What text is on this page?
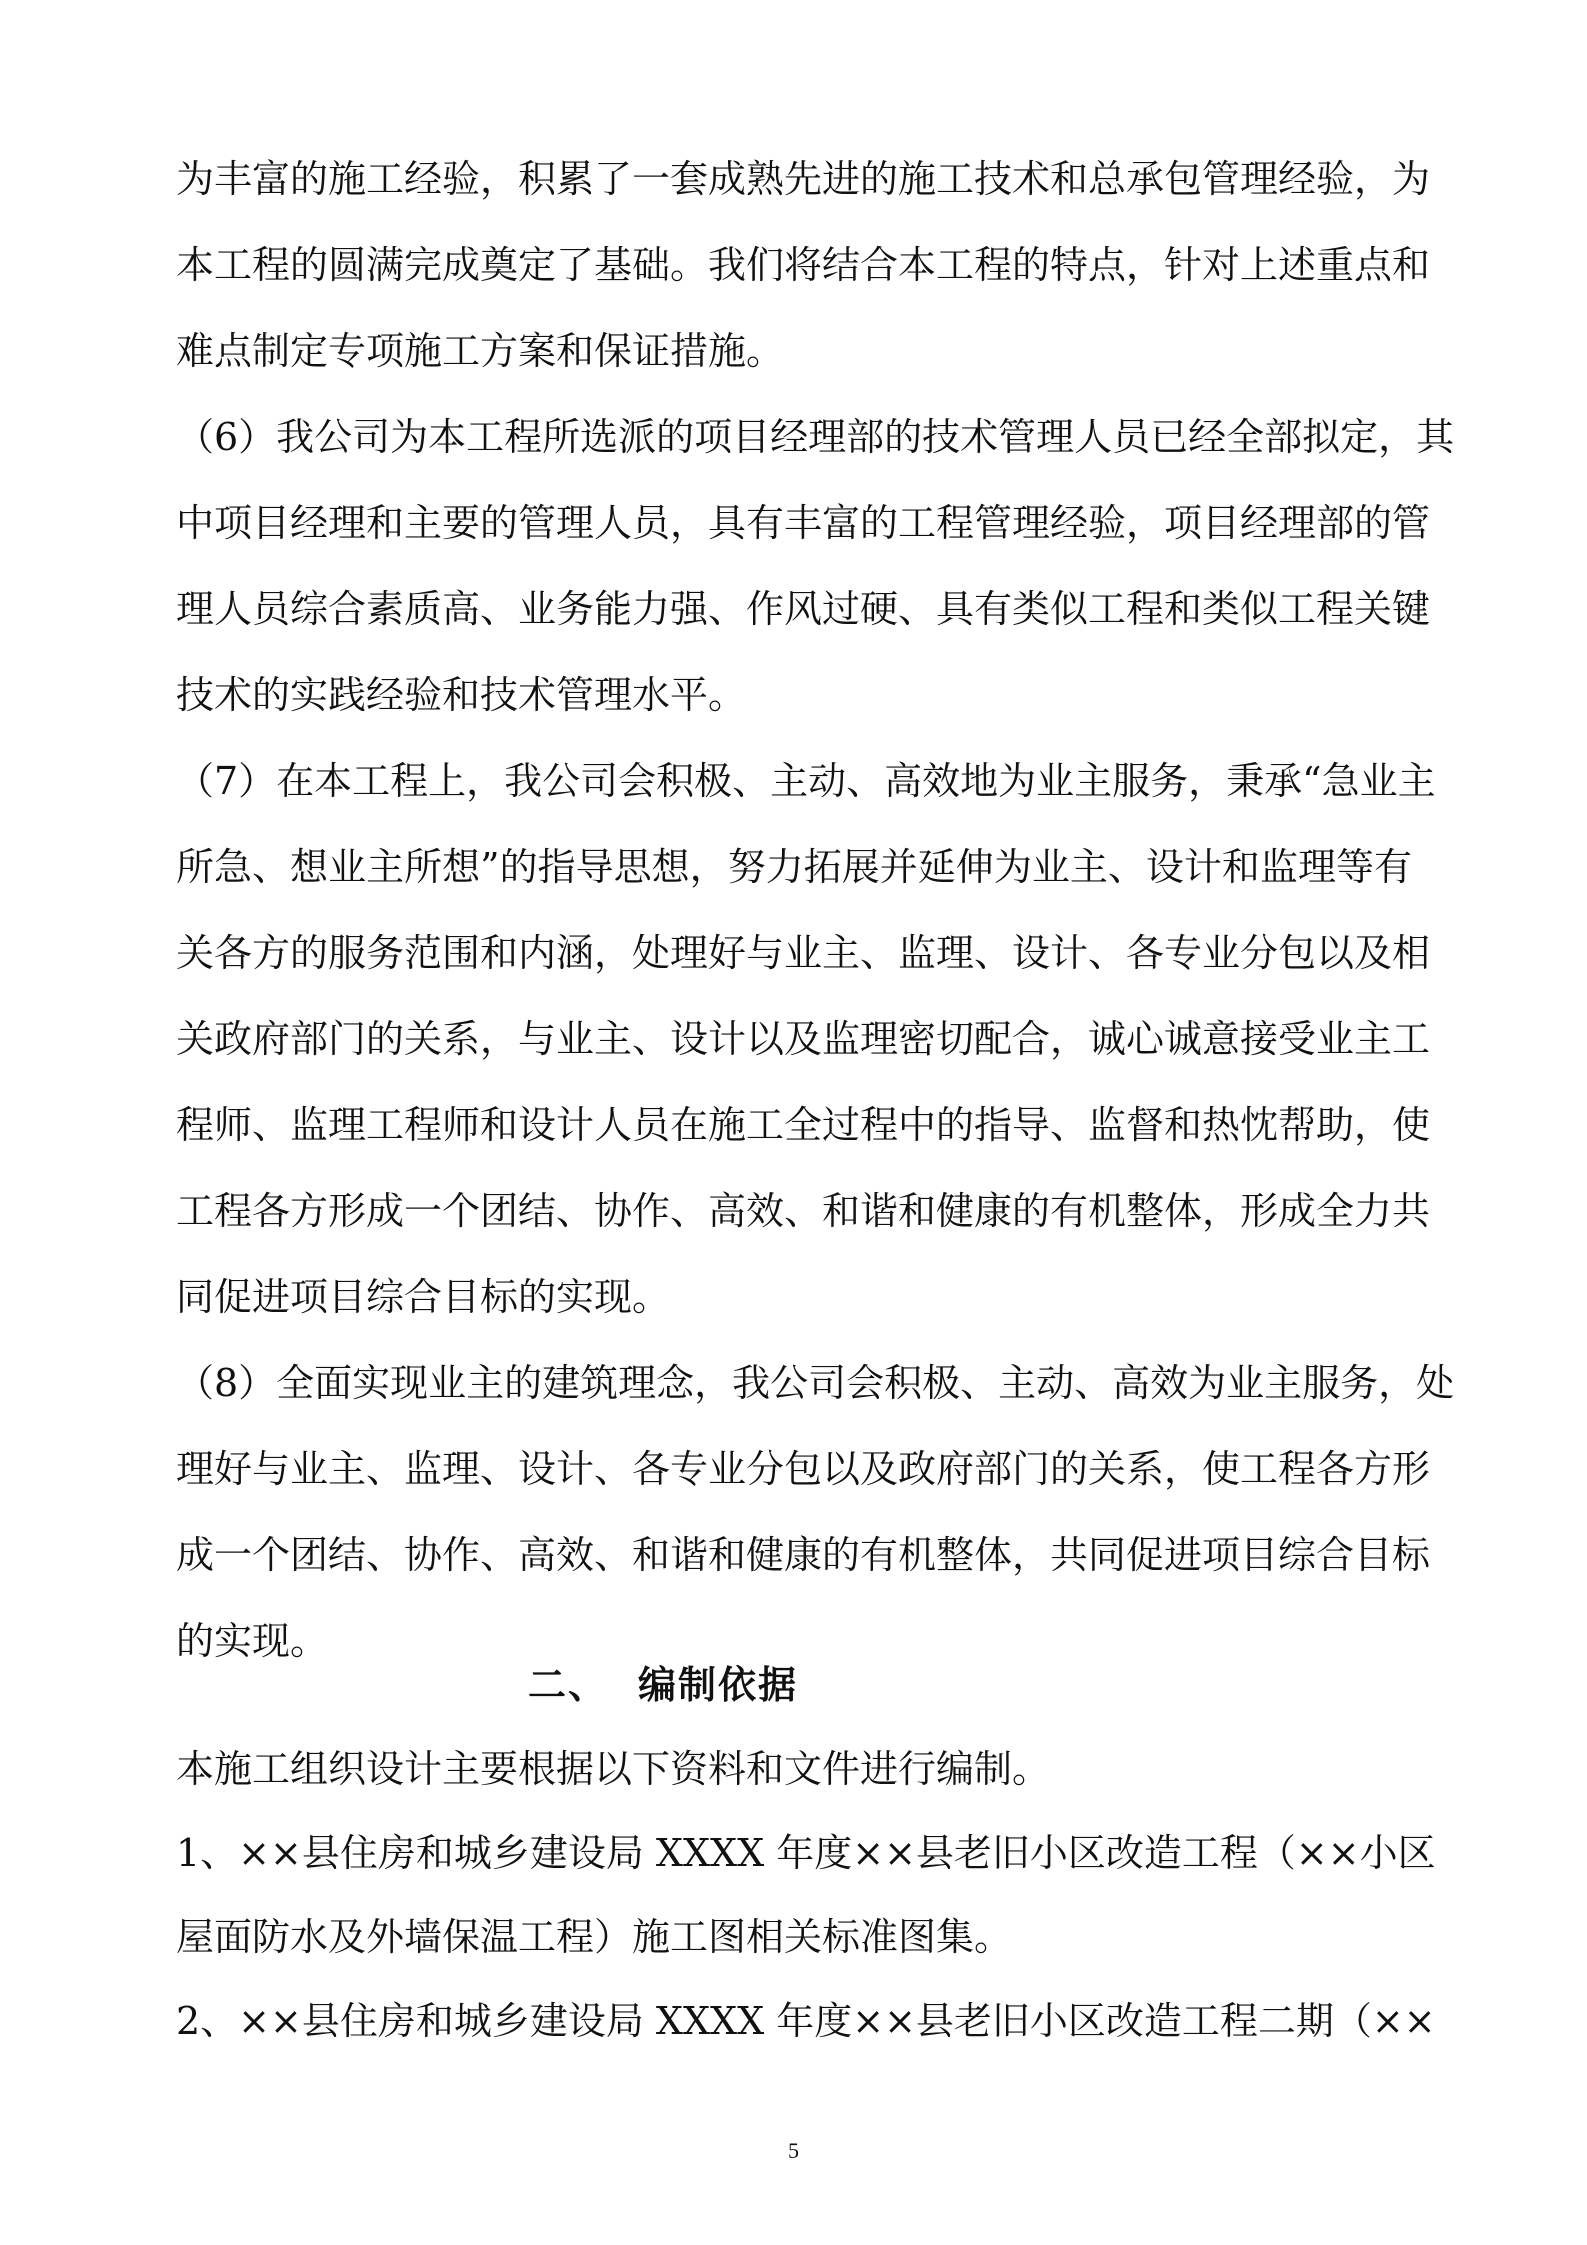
为丰富的施工经验，积累了一套成熟先进的施工技术和总承包管理经验，为
本工程的圆满完成奠定了基础。我们将结合本工程的特点，针对上述重点和
难点制定专项施工方案和保证措施。
（6）我公司为本工程所选派的项目经理部的技术管理人员已经全部拟定，其
中项目经理和主要的管理人员，具有丰富的工程管理经验，项目经理部的管
理人员综合素质高、业务能力强、作风过硬、具有类似工程和类似工程关键
技术的实践经验和技术管理水平。
（7）在本工程上，我公司会积极、主动、高效地为业主服务，秉承“急业主
所急、想业主所想”的指导思想，努力拓展并延伸为业主、设计和监理等有
关各方的服务范围和内涵，处理好与业主、监理、设计、各专业分包以及相
关政府部门的关系，与业主、设计以及监理密切配合，诚心诚意接受业主工
程师、监理工程师和设计人员在施工全过程中的指导、监督和热忱帮助，使
工程各方形成一个团结、协作、高效、和谐和健康的有机整体，形成全力共
同促进项目综合目标的实现。
（8）全面实现业主的建筑理念，我公司会积极、主动、高效为业主服务，处
理好与业主、监理、设计、各专业分包以及政府部门的关系，使工程各方形
成一个团结、协作、高效、和谐和健康的有机整体，共同促进项目综合目标
的实现。
二、 编制依据
本施工组织设计主要根据以下资料和文件进行编制。
1、××县住房和城乡建设局 XXXX 年度××县老旧小区改造工程（××小区
屋面防水及外墙保温工程）施工图相关标准图集。
2、××县住房和城乡建设局 XXXX 年度××县老旧小区改造工程二期（××
5
